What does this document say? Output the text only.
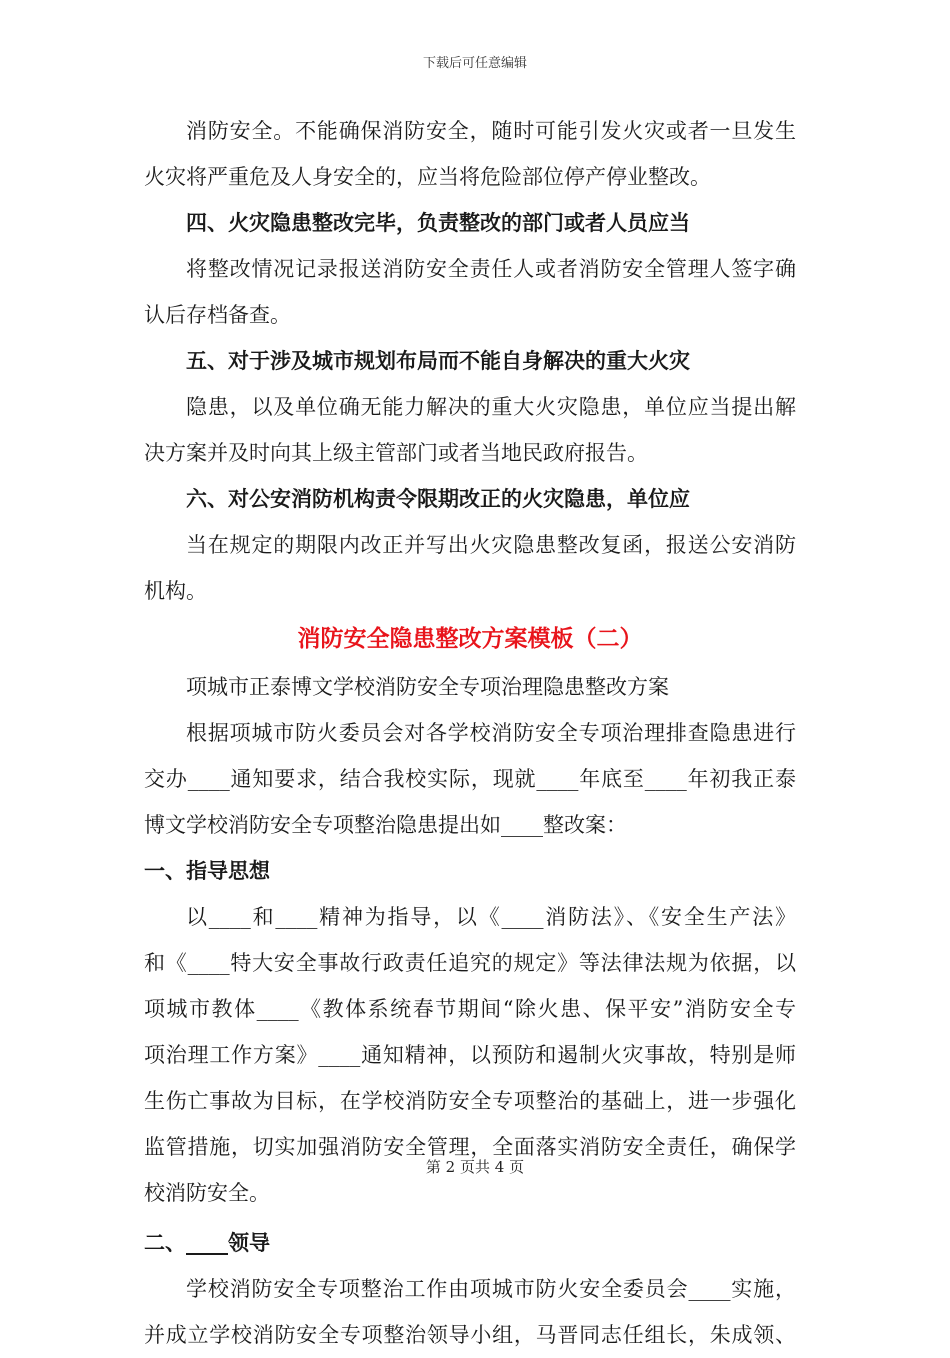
下载后可任意编辑
消防安全。不能确保消防安全，随时可能引发火灾或者一旦发生
火灾将严重危及人身安全的，应当将危险部位停产停业整改。
四、火灾隐患整改完毕，负责整改的部门或者人员应当
将整改情况记录报送消防安全责任人或者消防安全管理人签字确
认后存档备查。
五、对于涉及城市规划布局而不能自身解决的重大火灾
隐患，以及单位确无能力解决的重大火灾隐患，单位应当提出解
决方案并及时向其上级主管部门或者当地民政府报告。
六、对公安消防机构责令限期改正的火灾隐患，单位应
当在规定的期限内改正并写出火灾隐患整改复函，报送公安消防
机构。
消防安全隐患整改方案模板（二）
项城市正泰博文学校消防安全专项治理隐患整改方案
根据项城市防火委员会对各学校消防安全专项治理排查隐患进行
交办____通知要求，结合我校实际，现就____年底至____年初我正泰
博文学校消防安全专项整治隐患提出如____整改案：
一、指导思想
以____和____精神为指导，以《____消防法》、《安全生产法》
和《____特大安全事故行政责任追究的规定》等法律法规为依据，以
项城市教体____《教体系统春节期间“除火患、保平安”消防安全专
项治理工作方案》____通知精神，以预防和遏制火灾事故，特别是师
生伤亡事故为目标，在学校消防安全专项整治的基础上，进一步强化
监管措施，切实加强消防安全管理，全面落实消防安全责任，确保学
校消防安全。
二、____领导
学校消防安全专项整治工作由项城市防火安全委员会____实施，
并成立学校消防安全专项整治领导小组，马晋同志任组长，朱成领、
第 2 页共 4 页
